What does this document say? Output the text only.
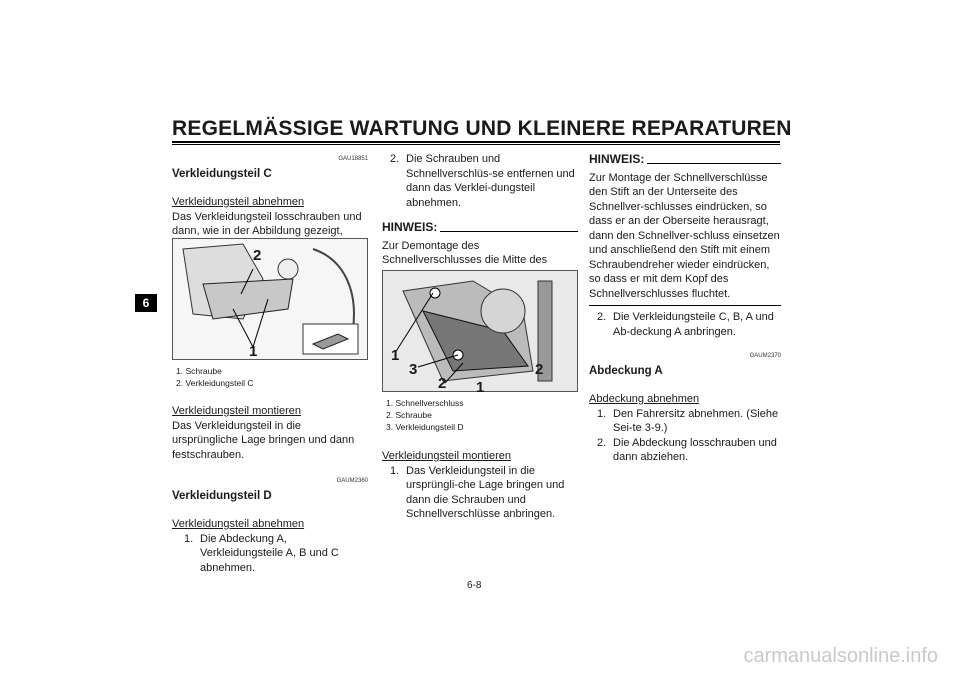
REGELMÄSSIGE WARTUNG UND KLEINERE REPARATUREN
6
GAU18851
Verkleidungsteil C
Verkleidungsteil abnehmen

Das Verkleidungsteil losschrauben und dann, wie in der Abbildung gezeigt,

2
1
1. Schraube
2. Verkleidungsteil C
Verkleidungsteil montieren

Das Verkleidungsteil in die ursprüngliche Lage bringen und dann festschrauben.

GAUM2360
Verkleidungsteil D
Verkleidungsteil abnehmen
1. Die Abdeckung A, Verkleidungsteile A, B und C abnehmen.
2. Die Schrauben und Schnellverschlüs-se entfernen und dann das Verklei-dungsteil abnehmen.
HINWEIS:

Zur Demontage des Schnellverschlusses die Mitte des

1
3
2 1
2
1. Schnellverschluss
2. Schraube
3. Verkleidungsteil D
Verkleidungsteil montieren
1. Das Verkleidungsteil in die ursprüngli-che Lage bringen und dann die Schrauben und Schnellverschlüsse anbringen.
HINWEIS:

Zur Montage der Schnellverschlüsse den Stift an der Unterseite des Schnellver-schlusses eindrücken, so dass er an der Oberseite herausragt, dann den Schnellver-schluss einsetzen und anschließend den Stift mit einem Schraubendreher wieder eindrücken, so dass er mit dem Kopf des Schnellverschlusses fluchtet.

2. Die Verkleidungsteile C, B, A und Ab-deckung A anbringen.
GAUM2370
Abdeckung A
Abdeckung abnehmen
1. Den Fahrersitz abnehmen. (Siehe Sei-te 3-9.)
2. Die Abdeckung losschrauben und dann abziehen.
6-8
carmanualsonline.info
